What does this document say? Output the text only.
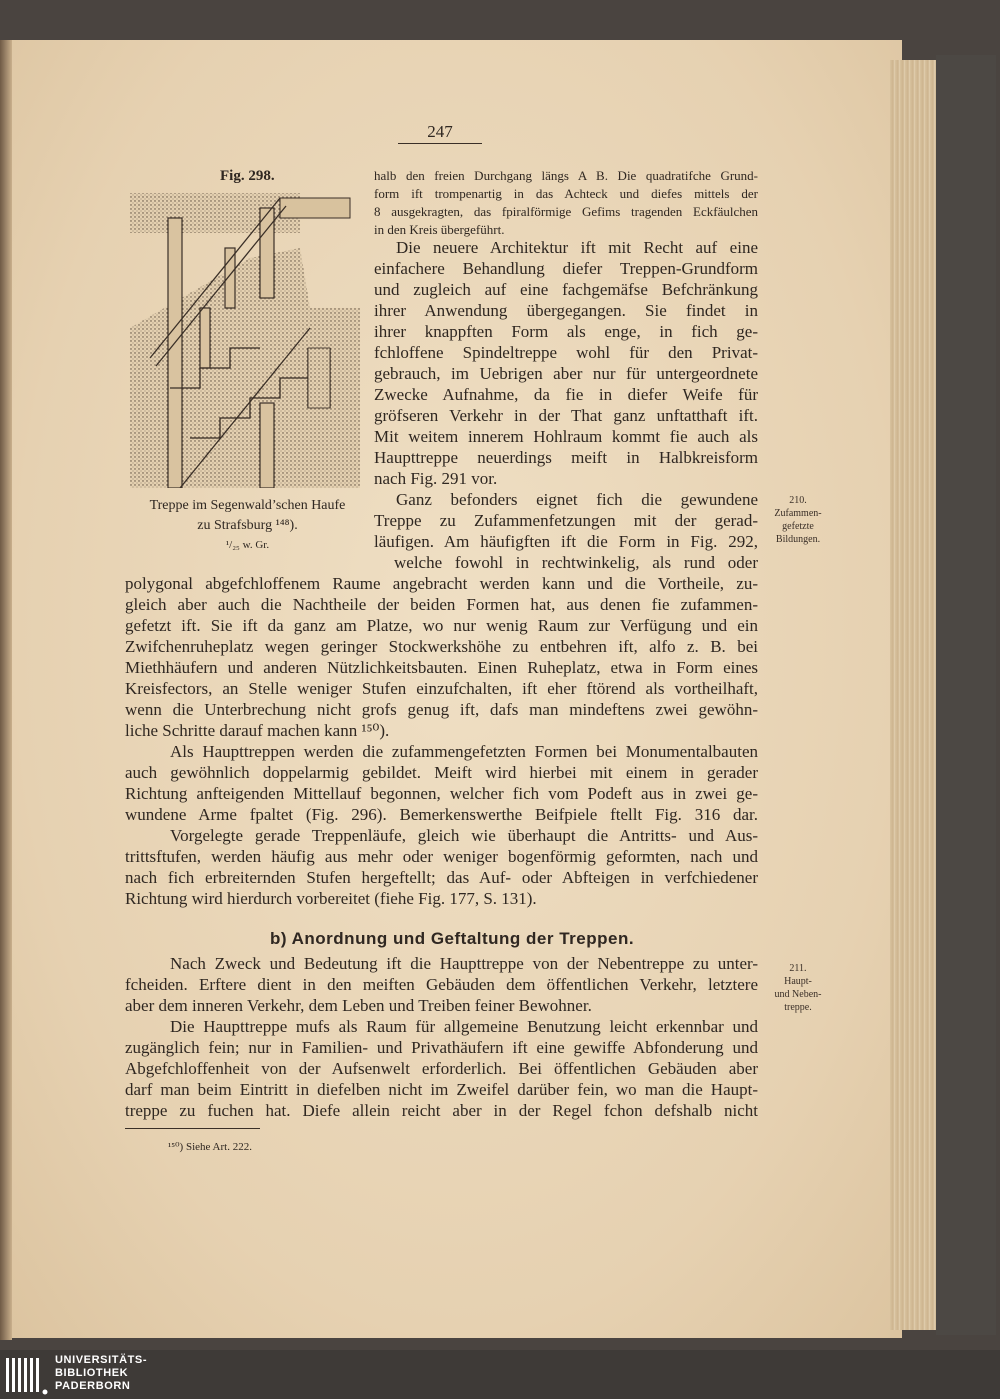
247
Fig. 298.
Treppe im Segenwald’schen Haufe
zu Strafsburg ¹⁴⁸).
¹/₂₅ w. Gr.
halb den freien Durchgang längs A B. Die quadratifche Grund-
form ift trompenartig in das Achteck und diefes mittels der
8 ausgekragten, das fpiralförmige Gefims tragenden Eckfäulchen
in den Kreis übergeführt.
Die neuere Architektur ift mit Recht auf eine
einfachere Behandlung diefer Treppen-Grundform
und zugleich auf eine fachgemäfse Befchränkung
ihrer Anwendung übergegangen. Sie findet in
ihrer knappften Form als enge, in fich ge-
fchloffene Spindeltreppe wohl für den Privat-
gebrauch, im Uebrigen aber nur für untergeordnete
Zwecke Aufnahme, da fie in diefer Weife für
gröfseren Verkehr in der That ganz unftatthaft ift.
Mit weitem innerem Hohlraum kommt fie auch als
Haupttreppe neuerdings meift in Halbkreisform
nach Fig. 291 vor.
Ganz befonders eignet fich die gewundene
Treppe zu Zufammenfetzungen mit der gerad-
läufigen. Am häufigften ift die Form in Fig. 292,
welche fowohl in rechtwinkelig, als rund oder
polygonal abgefchloffenem Raume angebracht werden kann und die Vortheile, zu-
gleich aber auch die Nachtheile der beiden Formen hat, aus denen fie zufammen-
gefetzt ift. Sie ift da ganz am Platze, wo nur wenig Raum zur Verfügung und ein
Zwifchenruheplatz wegen geringer Stockwerkshöhe zu entbehren ift, alfo z. B. bei
Miethhäufern und anderen Nützlichkeitsbauten. Einen Ruheplatz, etwa in Form eines
Kreisfectors, an Stelle weniger Stufen einzufchalten, ift eher ftörend als vortheilhaft,
wenn die Unterbrechung nicht grofs genug ift, dafs man mindeftens zwei gewöhn-
liche Schritte darauf machen kann ¹⁵⁰).
Als Haupttreppen werden die zufammengefetzten Formen bei Monumentalbauten
auch gewöhnlich doppelarmig gebildet. Meift wird hierbei mit einem in gerader
Richtung anfteigenden Mittellauf begonnen, welcher fich vom Podeft aus in zwei ge-
wundene Arme fpaltet (Fig. 296). Bemerkenswerthe Beifpiele ftellt Fig. 316 dar.
Vorgelegte gerade Treppenläufe, gleich wie überhaupt die Antritts- und Aus-
trittsftufen, werden häufig aus mehr oder weniger bogenförmig geformten, nach und
nach fich erbreiternden Stufen hergeftellt; das Auf- oder Abfteigen in verfchiedener
Richtung wird hierdurch vorbereitet (fiehe Fig. 177, S. 131).
b) Anordnung und Geftaltung der Treppen.
Nach Zweck und Bedeutung ift die Haupttreppe von der Nebentreppe zu unter-
fcheiden. Erftere dient in den meiften Gebäuden dem öffentlichen Verkehr, letztere
aber dem inneren Verkehr, dem Leben und Treiben feiner Bewohner.
Die Haupttreppe mufs als Raum für allgemeine Benutzung leicht erkennbar und
zugänglich fein; nur in Familien- und Privathäufern ift eine gewiffe Abfonderung und
Abgefchloffenheit von der Aufsenwelt erforderlich. Bei öffentlichen Gebäuden aber
darf man beim Eintritt in diefelben nicht im Zweifel darüber fein, wo man die Haupt-
treppe zu fuchen hat. Diefe allein reicht aber in der Regel fchon defshalb nicht
210.
Zufammen-
gefetzte
Bildungen.
211.
Haupt-
und Neben-
treppe.
¹⁵⁰) Siehe Art. 222.
UNIVERSITÄTS-
BIBLIOTHEK
PADERBORN
